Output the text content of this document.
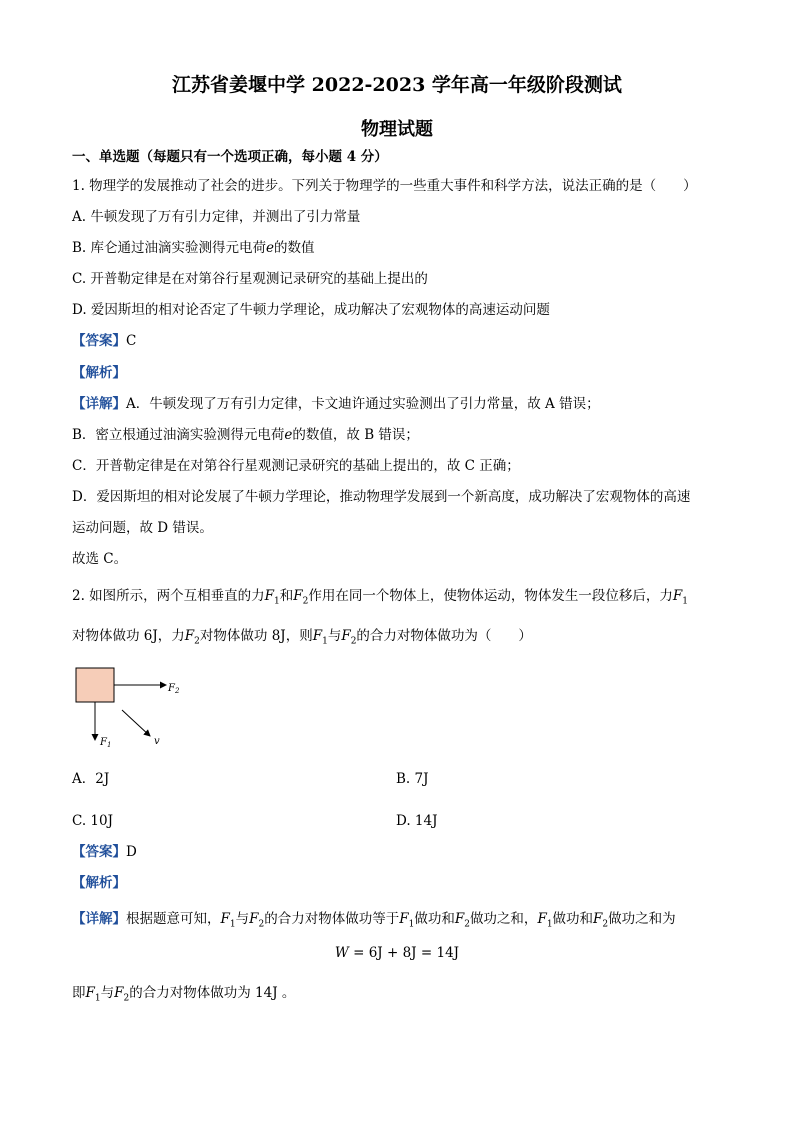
江苏省姜堰中学 2022-2023 学年高一年级阶段测试
物理试题
一、单选题（每题只有一个选项正确，每小题 4 分）
1. 物理学的发展推动了社会的进步。下列关于物理学的一些重大事件和科学方法，说法正确的是（　　）
A. 牛顿发现了万有引力定律，并测出了引力常量
B. 库仑通过油滴实验测得元电荷e的数值
C. 开普勒定律是在对第谷行星观测记录研究的基础上提出的
D. 爱因斯坦的相对论否定了牛顿力学理论，成功解决了宏观物体的高速运动问题
【答案】C
【解析】
【详解】A．牛顿发现了万有引力定律，卡文迪许通过实验测出了引力常量，故 A 错误；
B．密立根通过油滴实验测得元电荷e的数值，故 B 错误；
C．开普勒定律是在对第谷行星观测记录研究的基础上提出的，故 C 正确；
D．爱因斯坦的相对论发展了牛顿力学理论，推动物理学发展到一个新高度，成功解决了宏观物体的高速
运动问题，故 D 错误。
故选 C。
2. 如图所示，两个互相垂直的力$F_1$和$F_2$作用在同一个物体上，使物体运动，物体发生一段位移后，力$F_1$
对物体做功 6J，力$F_2$对物体做功 8J，则$F_1$与$F_2$的合力对物体做功为（　　）
$F_2$
$F_1$	v
A．2J	B. 7J
C. 10J	D. 14J
【答案】D
【解析】
【详解】根据题意可知，$F_1$与$F_2$的合力对物体做功等于$F_1$做功和$F_2$做功之和，$F_1$做功和$F_2$做功之和为
W = 6J + 8J = 14J
即$F_1$与$F_2$的合力对物体做功为 14J 。
